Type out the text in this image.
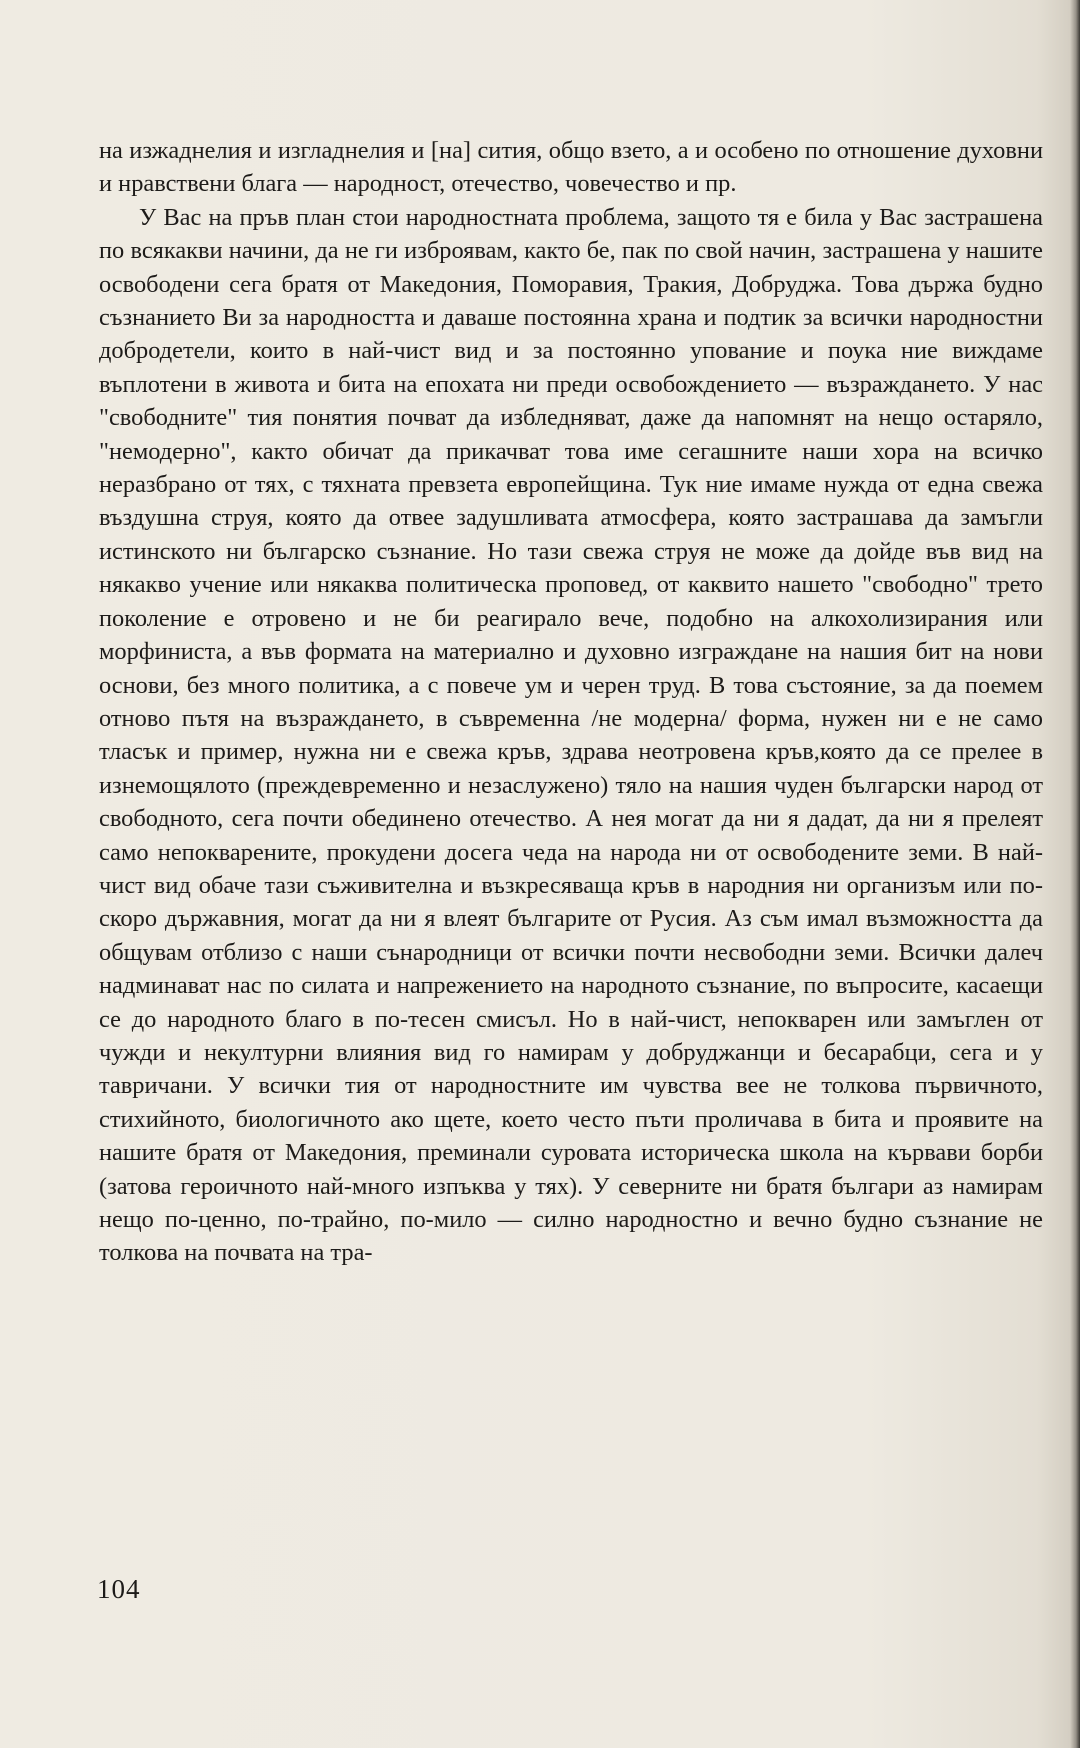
на изжаднелия и изгладнелия и [на] сития, общо взето, а и особено по отношение духовни и нравствени блага — народност, отечество, човечество и пр.

У Вас на пръв план стои народностната проблема, защото тя е била у Вас застрашена по всякакви начини, да не ги изброявам, както бе, пак по свой начин, застрашена у нашите освободени сега братя от Македония, Поморавия, Тракия, Добруджа. Това държа будно съзнанието Ви за народността и даваше постоянна храна и подтик за всички народностни добродетели, които в най-чист вид и за постоянно упование и поука ние виждаме въплотени в живота и бита на епохата ни преди освобождението — възраждането. У нас "свободните" тия понятия почват да избледняват, даже да напомнят на нещо остаряло, "немодерно", както обичат да прикачват това име сегашните наши хора на всичко неразбрано от тях, с тяхната превзета европейщина. Тук ние имаме нужда от една свежа въздушна струя, която да отвее задушливата атмосфера, която застрашава да замъгли истинското ни българско съзнание. Но тази свежа струя не може да дойде във вид на някакво учение или някаква политическа проповед, от каквито нашето "свободно" трето поколение е отровено и не би реагирало вече, подобно на алкохолизирания или морфиниста, а във формата на материално и духовно изграждане на нашия бит на нови основи, без много политика, а с повече ум и черен труд. В това състояние, за да поемем отново пътя на възраждането, в съвременна /не модерна/ форма, нужен ни е не само тласък и пример, нужна ни е свежа кръв, здрава неотровена кръв,която да се прелее в изнемощялото (преждевременно и незаслужено) тяло на нашия чуден български народ от свободното, сега почти обединено отечество. А нея могат да ни я дадат, да ни я прелеят само непокварените, прокудени досега чеда на народа ни от освободените земи. В най-чист вид обаче тази съживителна и възкресяваща кръв в народния ни организъм или по-скоро държавния, могат да ни я влеят българите от Русия. Аз съм имал възможността да общувам отблизо с наши сънародници от всички почти несвободни земи. Всички далеч надминават нас по силата и напрежението на народното съзнание, по въпросите, касаещи се до народното благо в по-тесен смисъл. Но в най-чист, непокварен или замъглен от чужди и некултурни влияния вид го намирам у добруджанци и бесарабци, сега и у тавричани. У всички тия от народностните им чувства вее не толкова първичното, стихийното, биологичното ако щете, което често пъти проличава в бита и проявите на нашите братя от Македония, преминали суровата историческа школа на кървави борби (затова героичното най-много изпъква у тях). У северните ни братя българи аз намирам нещо по-ценно, по-трайно, по-мило — силно народностно и вечно будно съзнание не толкова на почвата на тра-

104
